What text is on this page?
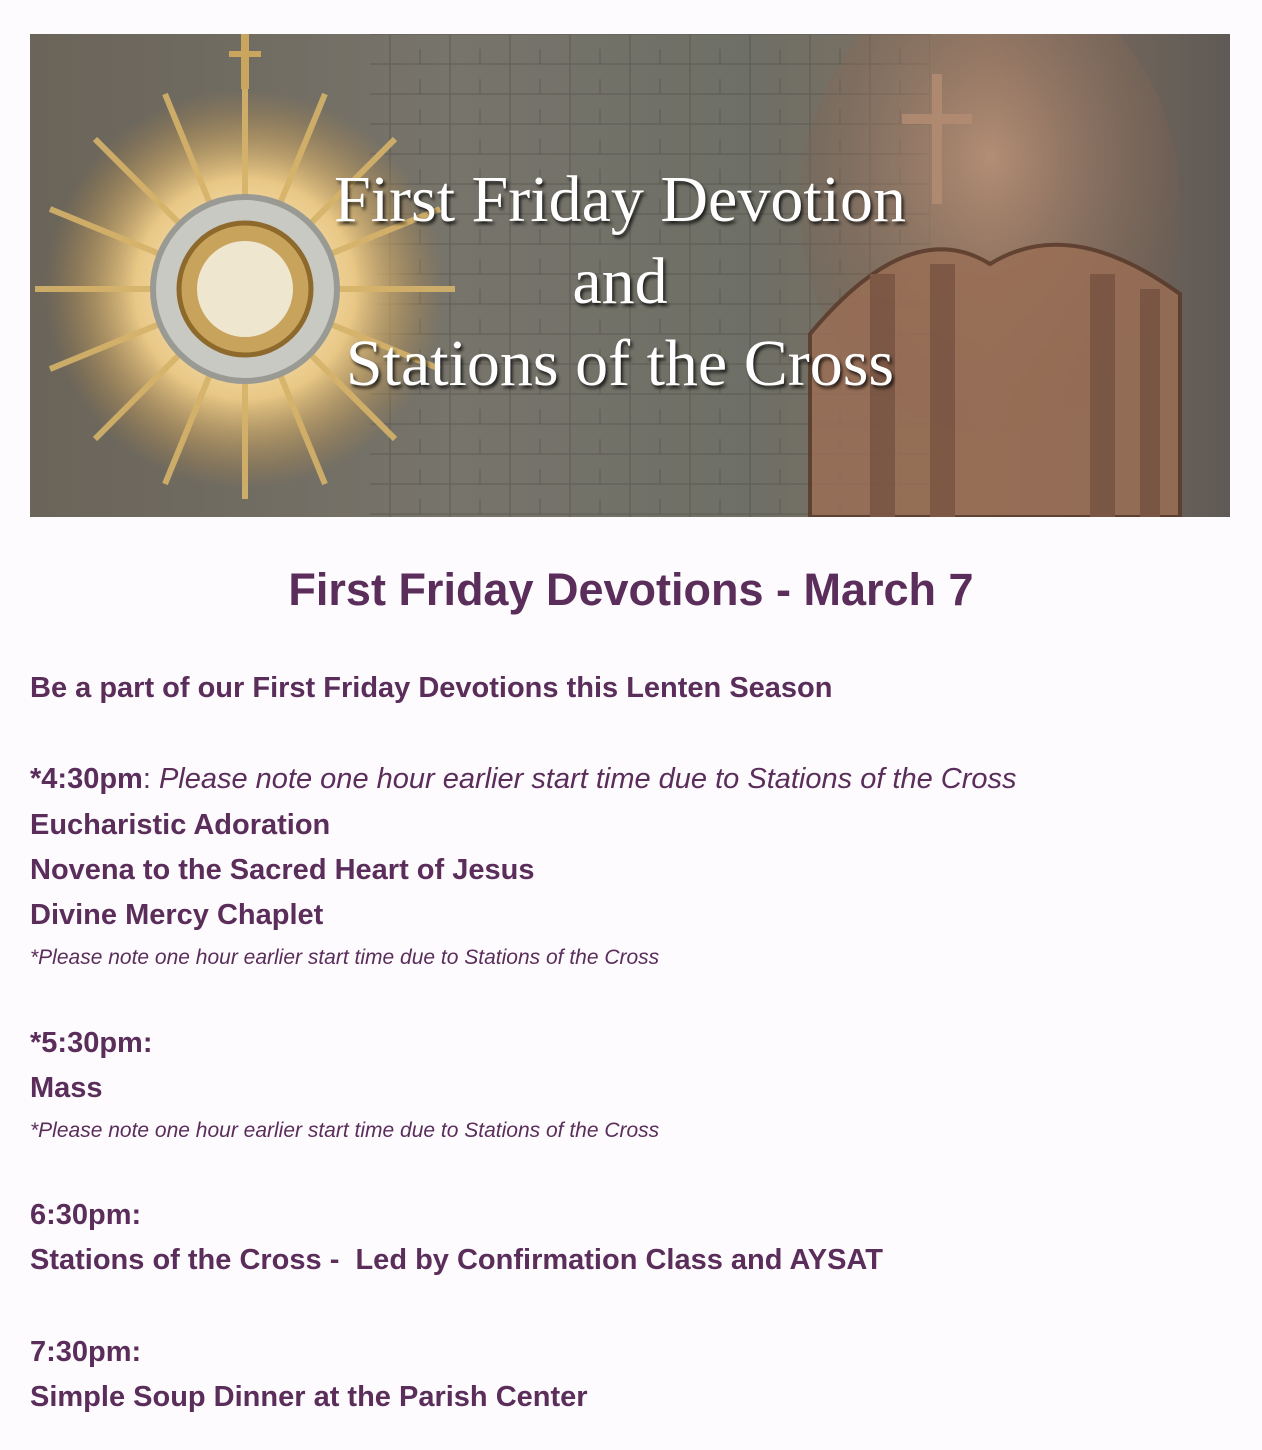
First Friday Devotion
and
Stations of the Cross
First Friday Devotions - March 7
Be a part of our First Friday Devotions this Lenten Season
*4:30pm: Please note one hour earlier start time due to Stations of the Cross
Eucharistic Adoration
Novena to the Sacred Heart of Jesus
Divine Mercy Chaplet
*Please note one hour earlier start time due to Stations of the Cross
*5:30pm:
Mass
*Please note one hour earlier start time due to Stations of the Cross
6:30pm:
Stations of the Cross -  Led by Confirmation Class and AYSAT
7:30pm:
Simple Soup Dinner at the Parish Center
